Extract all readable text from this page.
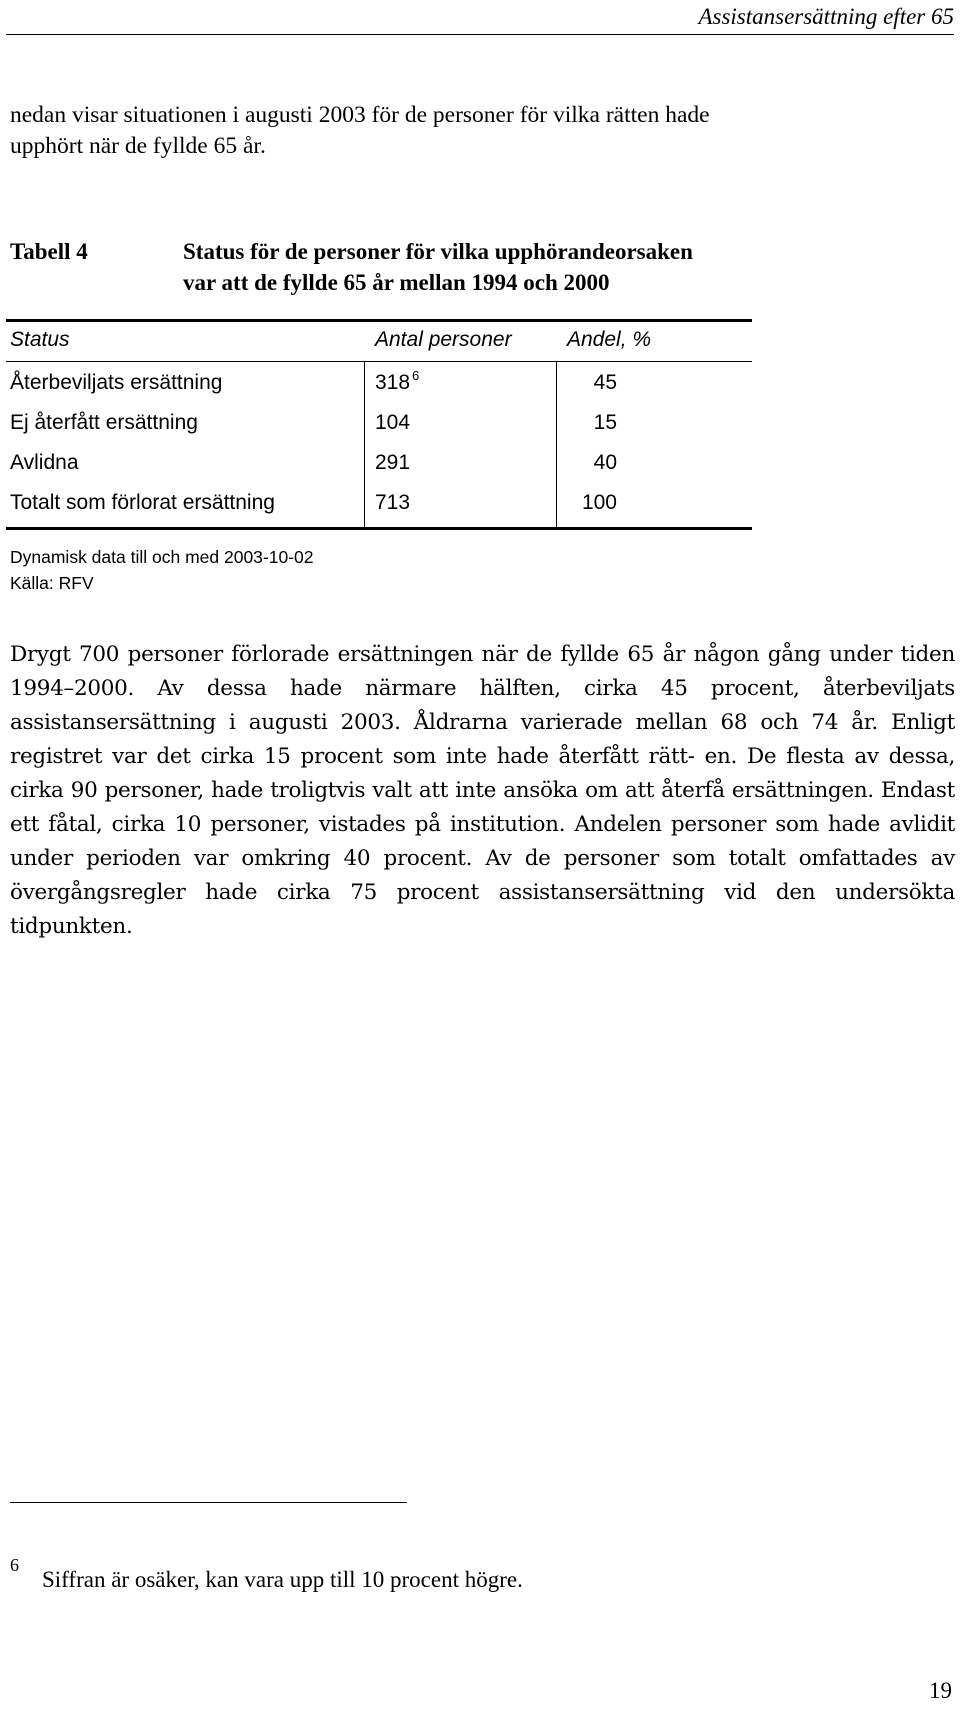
Assistansersättning efter 65
nedan visar situationen i augusti 2003 för de personer för vilka rätten hade
upphört när de fyllde 65 år.
Tabell 4	Status för de personer för vilka upphörandeorsaken
var att de fyllde 65 år mellan 1994 och 2000
Status	Antal personer	Andel, %
Återbeviljats ersättning	318 $^6$	45
Ej återfått ersättning	104	15
Avlidna	291	40
Totalt som förlorat ersättning	713	100
Dynamisk data till och med 2003-10-02
Källa: RFV
Drygt 700 personer förlorade ersättningen när de fyllde 65 år någon gång under tiden 1994–2000. Av dessa hade närmare hälften, cirka 45 procent, återbeviljats assistansersättning i augusti 2003. Åldrarna varierade mellan 68 och 74 år. Enligt registret var det cirka 15 procent som inte hade återfått rätt- en. De flesta av dessa, cirka 90 personer, hade troligtvis valt att inte ansöka om att återfå ersättningen. Endast ett fåtal, cirka 10 personer, vistades på institution. Andelen personer som hade avlidit under perioden var omkring 40 procent. Av de personer som totalt omfattades av övergångsregler hade cirka 75 procent assistansersättning vid den undersökta tidpunkten.
6
Siffran är osäker, kan vara upp till 10 procent högre.
19
